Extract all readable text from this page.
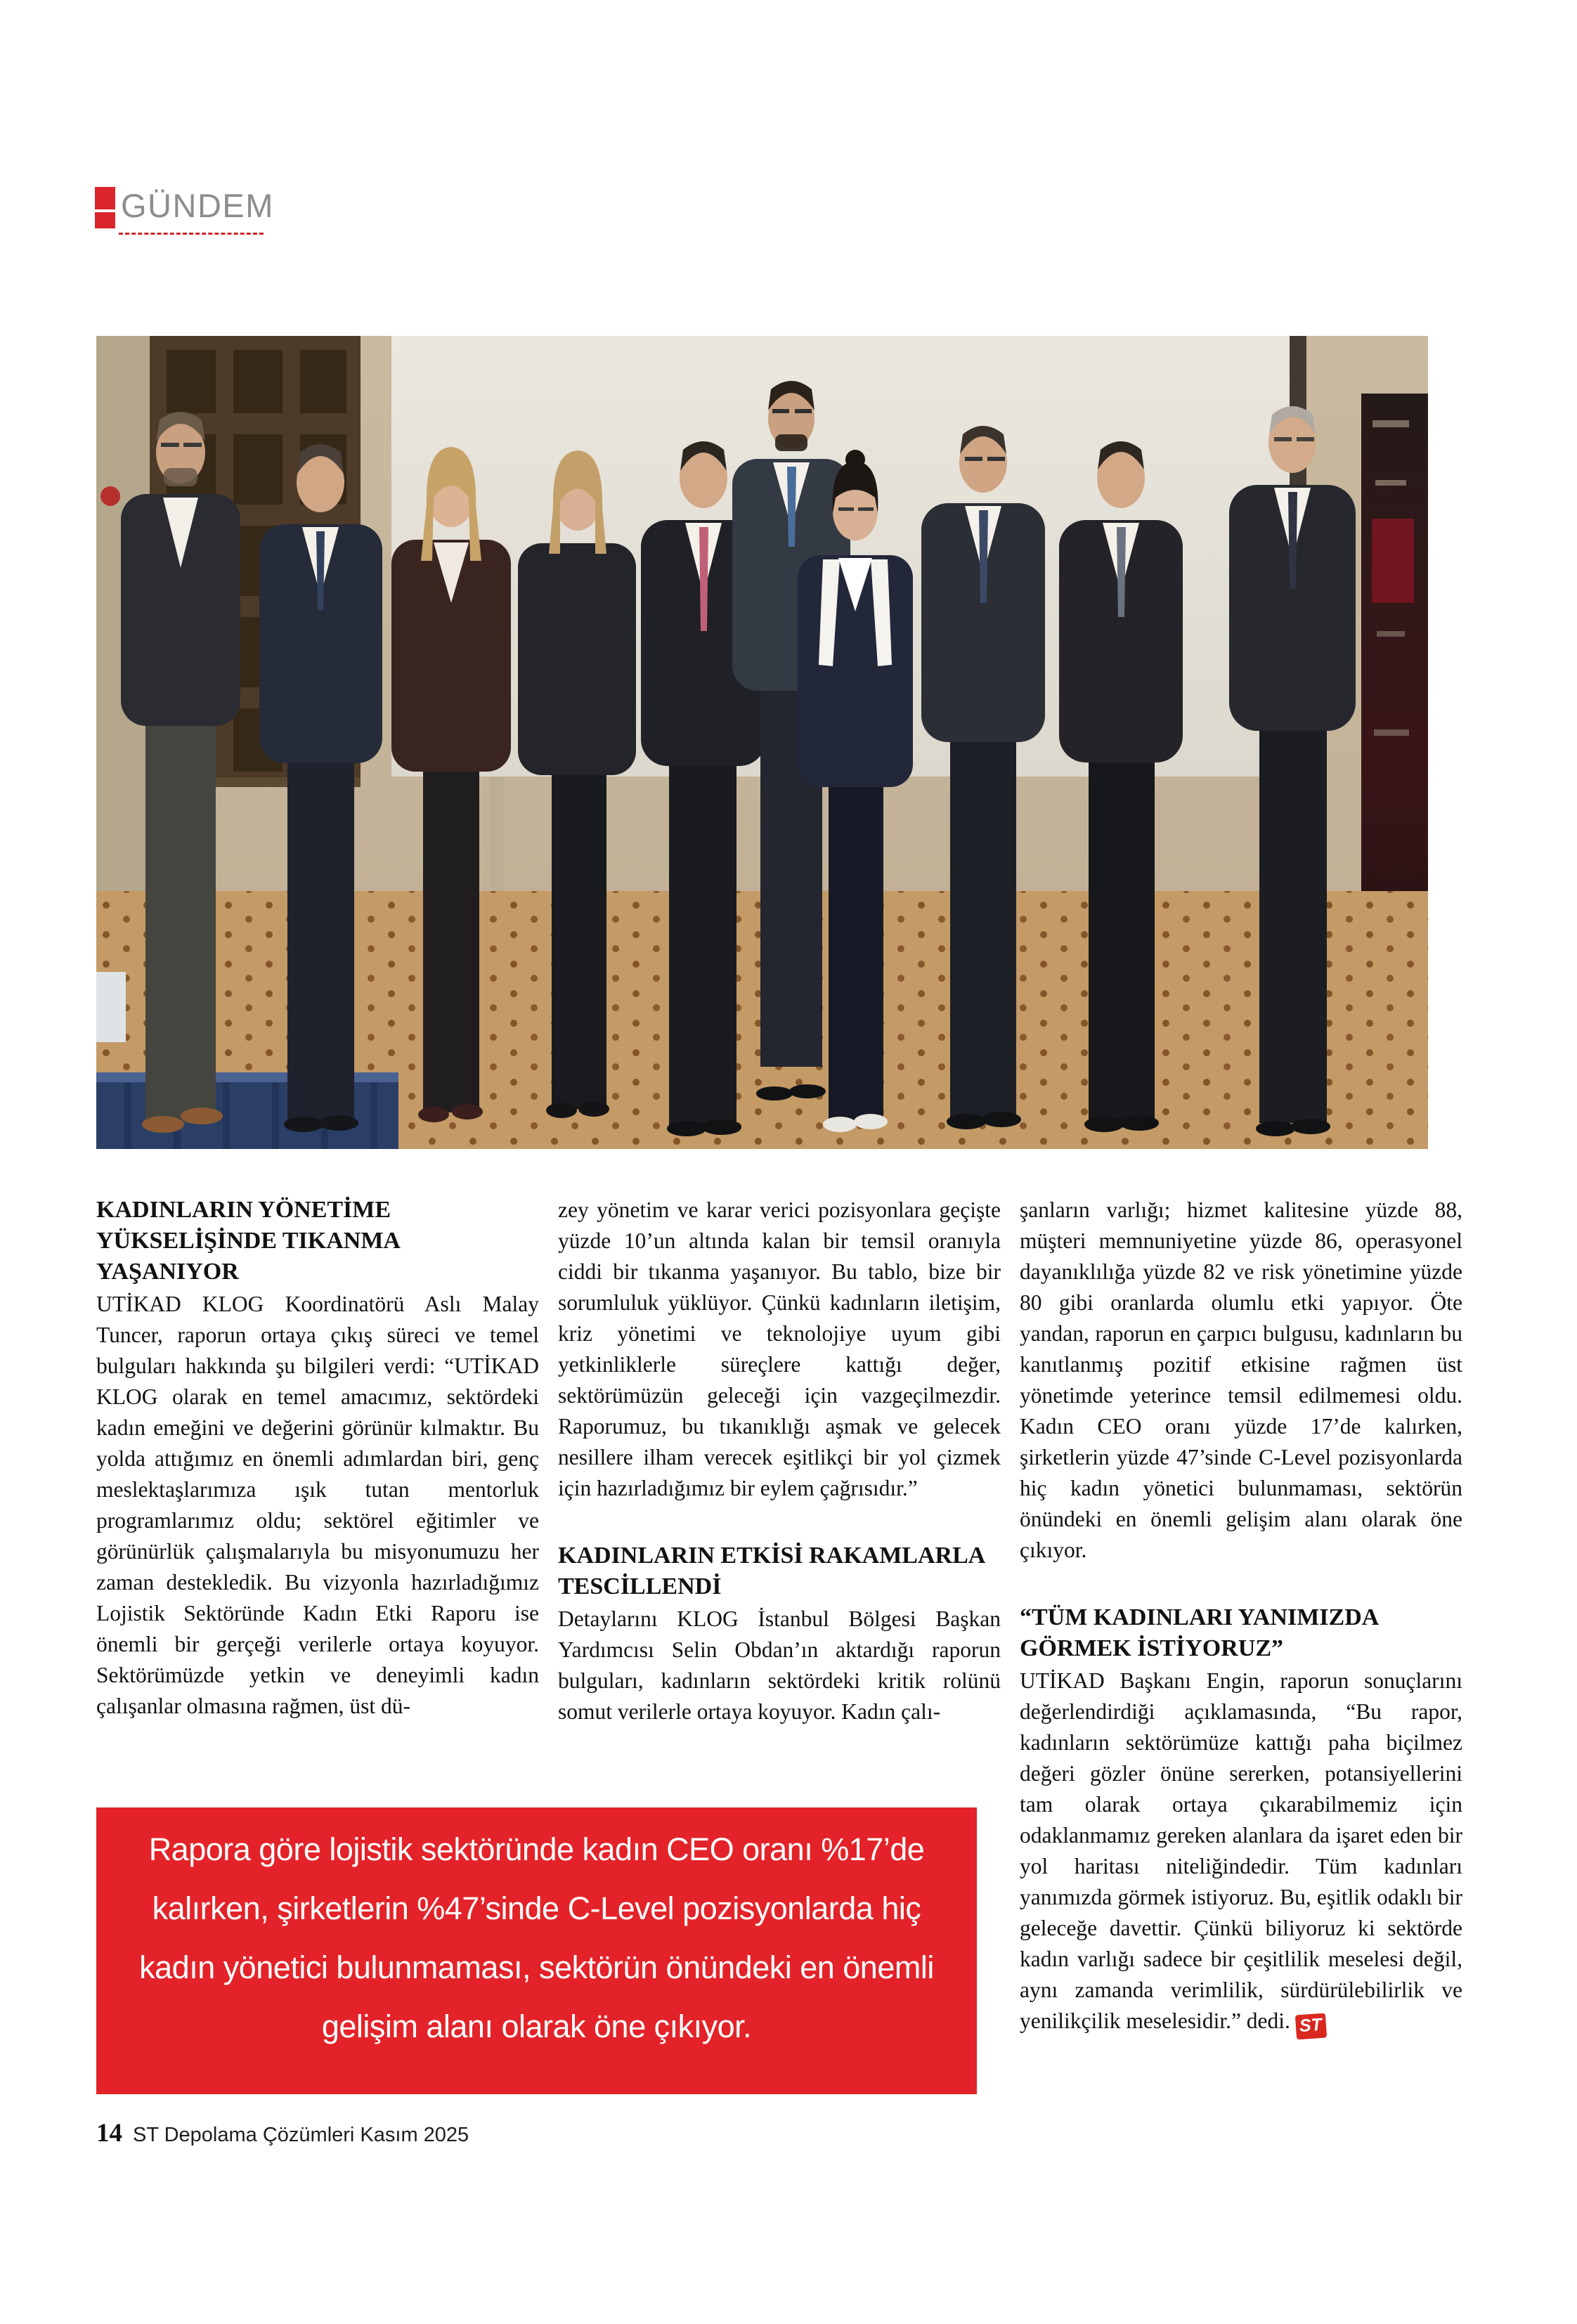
GÜNDEM
KADINLARIN YÖNETİME YÜKSELİŞİNDE TIKANMA YAŞANIYOR

UTİKAD KLOG Koordinatörü Aslı Malay Tuncer, raporun ortaya çıkış süreci ve temel bulguları hakkında şu bilgileri verdi: “UTİKAD KLOG olarak en temel amacımız, sektördeki kadın emeğini ve değerini görünür kılmaktır. Bu yolda attığımız en önemli adımlardan biri, genç meslektaşlarımıza ışık tutan mentorluk programlarımız oldu; sektörel eğitimler ve görünürlük çalışmalarıyla bu misyonumuzu her zaman destekledik. Bu vizyonla hazırladığımız Lojistik Sektöründe Kadın Etki Raporu ise önemli bir gerçeği verilerle ortaya koyuyor. Sektörümüzde yetkin ve deneyimli kadın çalışanlar olmasına rağmen, üst dü-

zey yönetim ve karar verici pozisyonlara geçişte yüzde 10’un altında kalan bir temsil oranıyla ciddi bir tıkanma yaşanıyor. Bu tablo, bize bir sorumluluk yüklüyor. Çünkü kadınların iletişim, kriz yönetimi ve teknolojiye uyum gibi yetkinliklerle süreçlere kattığı değer, sektörümüzün geleceği için vazgeçilmezdir. Raporumuz, bu tıkanıklığı aşmak ve gelecek nesillere ilham verecek eşitlikçi bir yol çizmek için hazırladığımız bir eylem çağrısıdır.”

KADINLARIN ETKİSİ RAKAMLARLA TESCİLLENDİ

Detaylarını KLOG İstanbul Bölgesi Başkan Yardımcısı Selin Obdan’ın aktardığı raporun bulguları, kadınların sektördeki kritik rolünü somut verilerle ortaya koyuyor. Kadın çalı-

şanların varlığı; hizmet kalitesine yüzde 88, müşteri memnuniyetine yüzde 86, operasyonel dayanıklılığa yüzde 82 ve risk yönetimine yüzde 80 gibi oranlarda olumlu etki yapıyor. Öte yandan, raporun en çarpıcı bulgusu, kadınların bu kanıtlanmış pozitif etkisine rağmen üst yönetimde yeterince temsil edilmemesi oldu. Kadın CEO oranı yüzde 17’de kalırken, şirketlerin yüzde 47’sinde C-Level pozisyonlarda hiç kadın yönetici bulunmaması, sektörün önündeki en önemli gelişim alanı olarak öne çıkıyor.

“TÜM KADINLARI YANIMIZDA GÖRMEK İSTİYORUZ”

UTİKAD Başkanı Engin, raporun sonuçlarını değerlendirdiği açıklamasında, “Bu rapor, kadınların sektörümüze kattığı paha biçilmez değeri gözler önüne sererken, potansiyellerini tam olarak ortaya çıkarabilmemiz için odaklanmamız gereken alanlara da işaret eden bir yol haritası niteliğindedir. Tüm kadınları yanımızda görmek istiyoruz. Bu, eşitlik odaklı bir geleceğe davettir. Çünkü biliyoruz ki sektörde kadın varlığı sadece bir çeşitlilik meselesi değil, aynı zamanda verimlilik, sürdürülebilirlik ve yenilikçilik meselesidir.” dedi. ST

Rapora göre lojistik sektöründe kadın CEO oranı %17’de kalırken, şirketlerin %47’sinde C-Level pozisyonlarda hiç kadın yönetici bulunmaması, sektörün önündeki en önemli gelişim alanı olarak öne çıkıyor.
14 ST Depolama Çözümleri Kasım 2025
